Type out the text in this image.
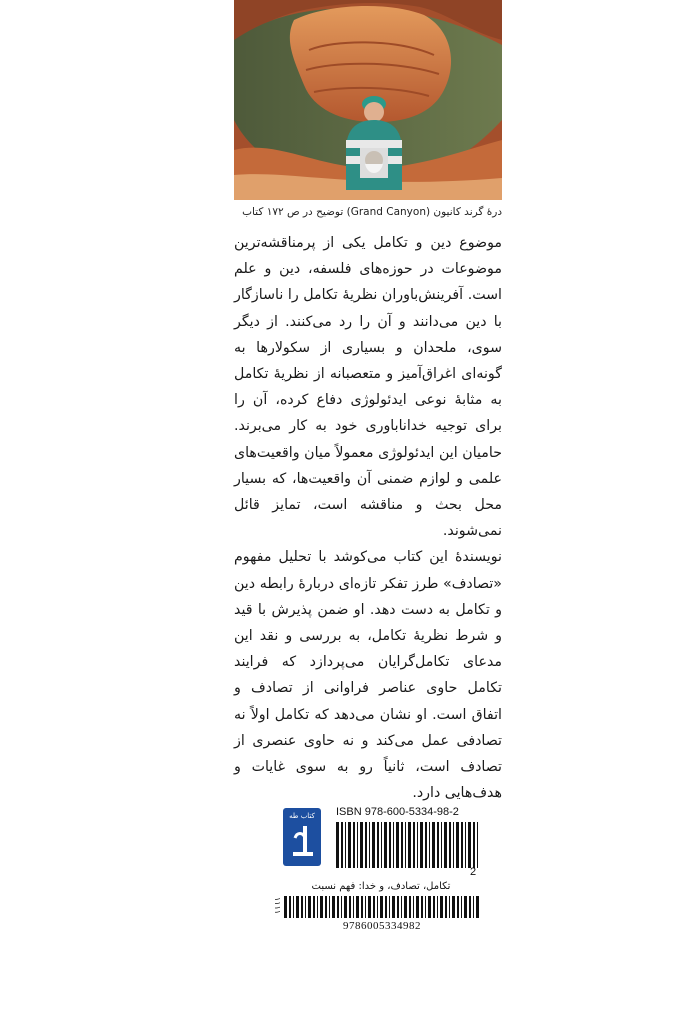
درهٔ گرند کانیون (Grand Canyon) توضیح در ص ۱۷۲ کتاب

موضوع دین و تکامل یکی از پرمناقشه‌ترین موضوعات در حوزه‌های فلسفه، دین و علم است. آفرینش‌باوران نظریهٔ تکامل را ناسازگار با دین می‌دانند و آن را رد می‌کنند. از دیگر سوی، ملحدان و بسیاری از سکولارها به گونه‌ای اغراق‌آمیز و متعصبانه از نظریهٔ تکامل به مثابهٔ نوعی ایدئولوژی دفاع کرده، آن را برای توجیه خداناباوری خود به کار می‌برند. حامیان این ایدئولوژی معمولاً میان واقعیت‌های علمی و لوازم ضمنی آن واقعیت‌ها، که بسیار محل بحث و مناقشه است، تمایز قائل نمی‌شوند.

نویسندهٔ این کتاب می‌کوشد با تحلیل مفهوم «تصادف» طرز تفکر تازه‌ای دربارهٔ رابطه دین و تکامل به دست دهد. او ضمن پذیرش با قید و شرط نظریهٔ تکامل، به بررسی و نقد این مدعای تکامل‌گرایان می‌پردازد که فرایند تکامل حاوی عناصر فراوانی از تصادف و اتفاق است. او نشان می‌دهد که تکامل اولاً نه تصادفی عمل می‌کند و نه حاوی عنصری از تصادف است، ثانیاً رو به سوی غایات و هدف‌هایی دارد.

کتاب طه	ISBN 978-600-5334-98-2
2
تکامل، تصادف، و خدا: فهم نسبت
۱۱۱۱
9786005334982
